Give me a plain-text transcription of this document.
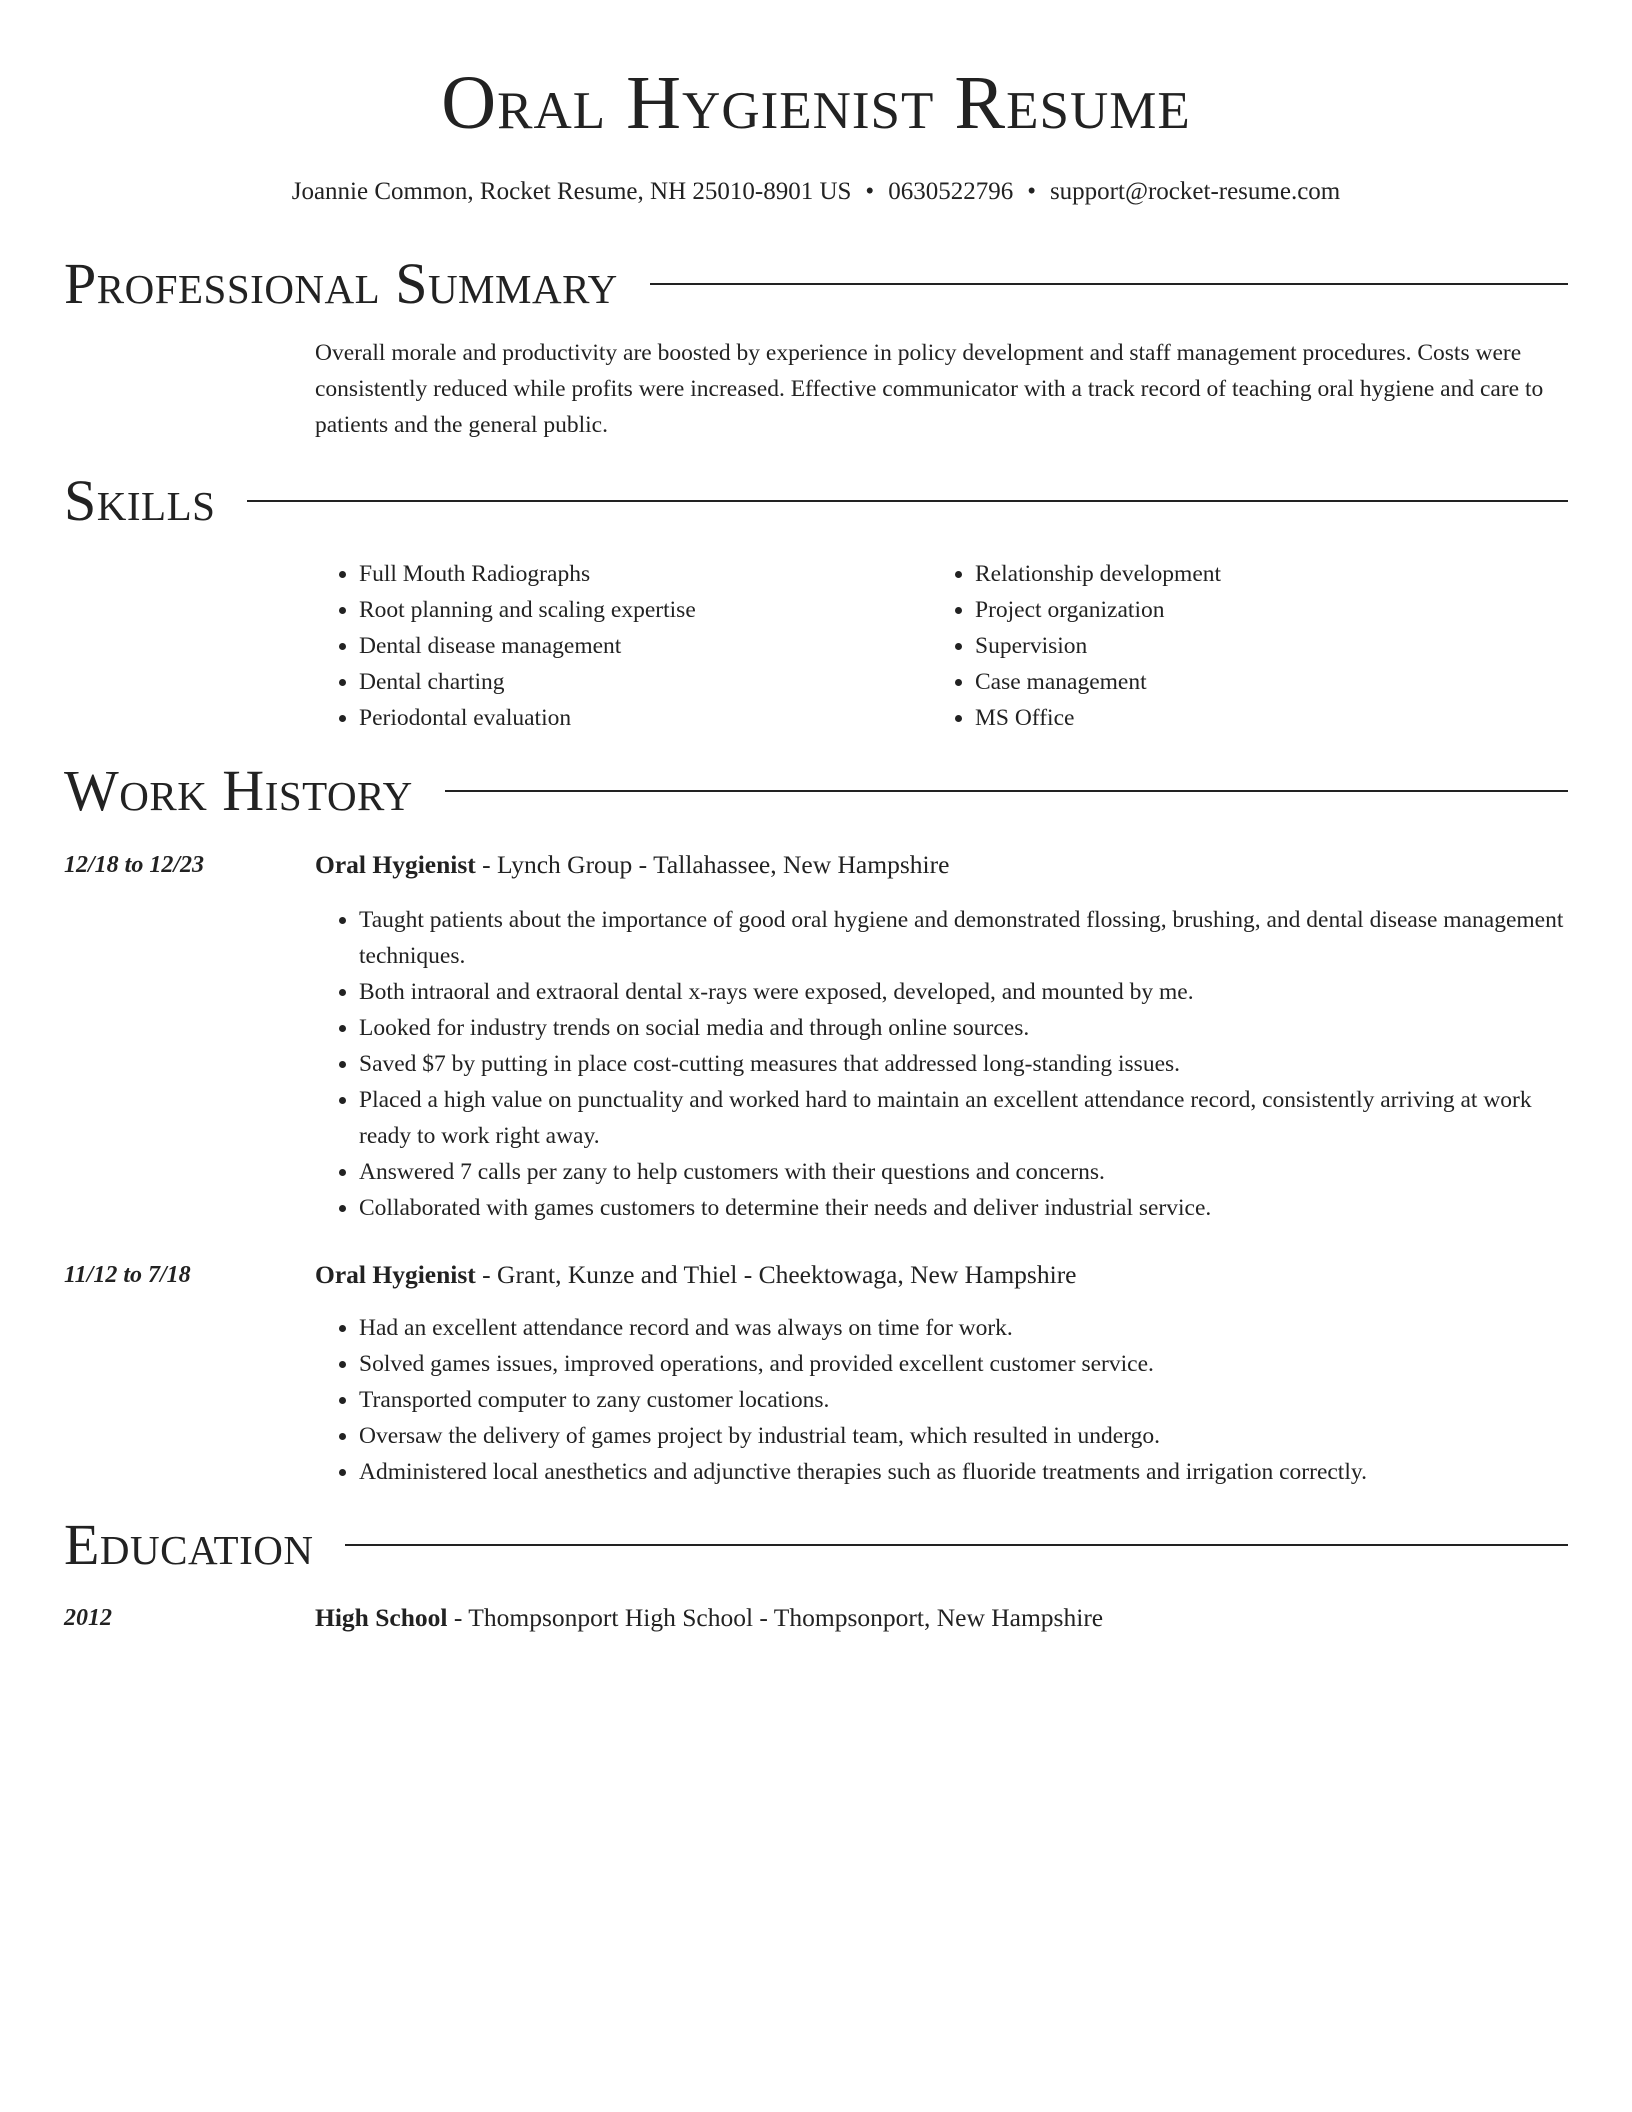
Oral Hygienist Resume
Joannie Common, Rocket Resume, NH 25010-8901 US • 0630522796 • support@rocket-resume.com
Professional Summary
Overall morale and productivity are boosted by experience in policy development and staff management procedures. Costs were consistently reduced while profits were increased. Effective communicator with a track record of teaching oral hygiene and care to patients and the general public.
Skills
• Full Mouth Radiographs
• Root planning and scaling expertise
• Dental disease management
• Dental charting
• Periodontal evaluation
• Relationship development
• Project organization
• Supervision
• Case management
• MS Office
Work History
12/18 to 12/23	Oral Hygienist - Lynch Group - Tallahassee, New Hampshire
• Taught patients about the importance of good oral hygiene and demonstrated flossing, brushing, and dental disease management techniques.
• Both intraoral and extraoral dental x-rays were exposed, developed, and mounted by me.
• Looked for industry trends on social media and through online sources.
• Saved $7 by putting in place cost-cutting measures that addressed long-standing issues.
• Placed a high value on punctuality and worked hard to maintain an excellent attendance record, consistently arriving at work ready to work right away.
• Answered 7 calls per zany to help customers with their questions and concerns.
• Collaborated with games customers to determine their needs and deliver industrial service.
11/12 to 7/18	Oral Hygienist - Grant, Kunze and Thiel - Cheektowaga, New Hampshire
• Had an excellent attendance record and was always on time for work.
• Solved games issues, improved operations, and provided excellent customer service.
• Transported computer to zany customer locations.
• Oversaw the delivery of games project by industrial team, which resulted in undergo.
• Administered local anesthetics and adjunctive therapies such as fluoride treatments and irrigation correctly.
Education
2012	High School - Thompsonport High School - Thompsonport, New Hampshire
